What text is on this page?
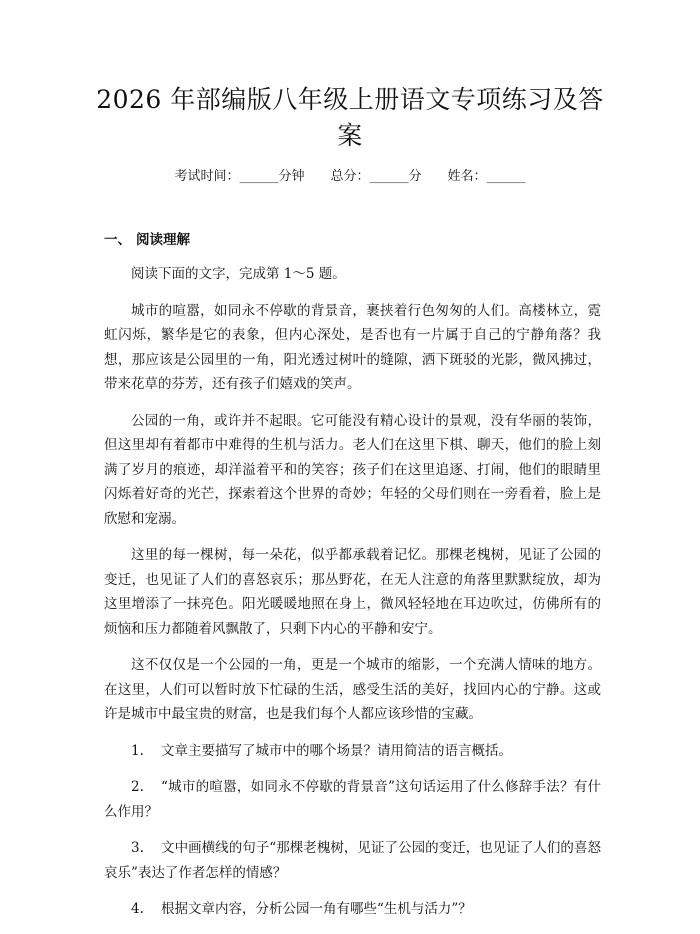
2026 年部编版八年级上册语文专项练习及答案
考试时间：______分钟 总分：______分 姓名：______
一、 阅读理解

阅读下面的文字，完成第 1～5 题。

城市的喧嚣，如同永不停歇的背景音，裹挟着行色匆匆的人们。高楼林立，霓虹闪烁，繁华是它的表象，但内心深处，是否也有一片属于自己的宁静角落？我想，那应该是公园里的一角，阳光透过树叶的缝隙，洒下斑驳的光影，微风拂过，带来花草的芬芳，还有孩子们嬉戏的笑声。

公园的一角，或许并不起眼。它可能没有精心设计的景观，没有华丽的装饰，但这里却有着都市中难得的生机与活力。老人们在这里下棋、聊天，他们的脸上刻满了岁月的痕迹，却洋溢着平和的笑容；孩子们在这里追逐、打闹，他们的眼睛里闪烁着好奇的光芒，探索着这个世界的奇妙；年轻的父母们则在一旁看着，脸上是欣慰和宠溺。

这里的每一棵树，每一朵花，似乎都承载着记忆。那棵老槐树，见证了公园的变迁，也见证了人们的喜怒哀乐；那丛野花，在无人注意的角落里默默绽放，却为这里增添了一抹亮色。阳光暖暖地照在身上，微风轻轻地在耳边吹过，仿佛所有的烦恼和压力都随着风飘散了，只剩下内心的平静和安宁。

这不仅仅是一个公园的一角，更是一个城市的缩影，一个充满人情味的地方。在这里，人们可以暂时放下忙碌的生活，感受生活的美好，找回内心的宁静。这或许是城市中最宝贵的财富，也是我们每个人都应该珍惜的宝藏。

1. 文章主要描写了城市中的哪个场景？请用简洁的语言概括。
2. “城市的喧嚣，如同永不停歇的背景音”这句话运用了什么修辞手法？有什么作用？
3. 文中画横线的句子“那棵老槐树，见证了公园的变迁，也见证了人们的喜怒哀乐”表达了作者怎样的情感？
4. 根据文章内容，分析公园一角有哪些“生机与活力”？
